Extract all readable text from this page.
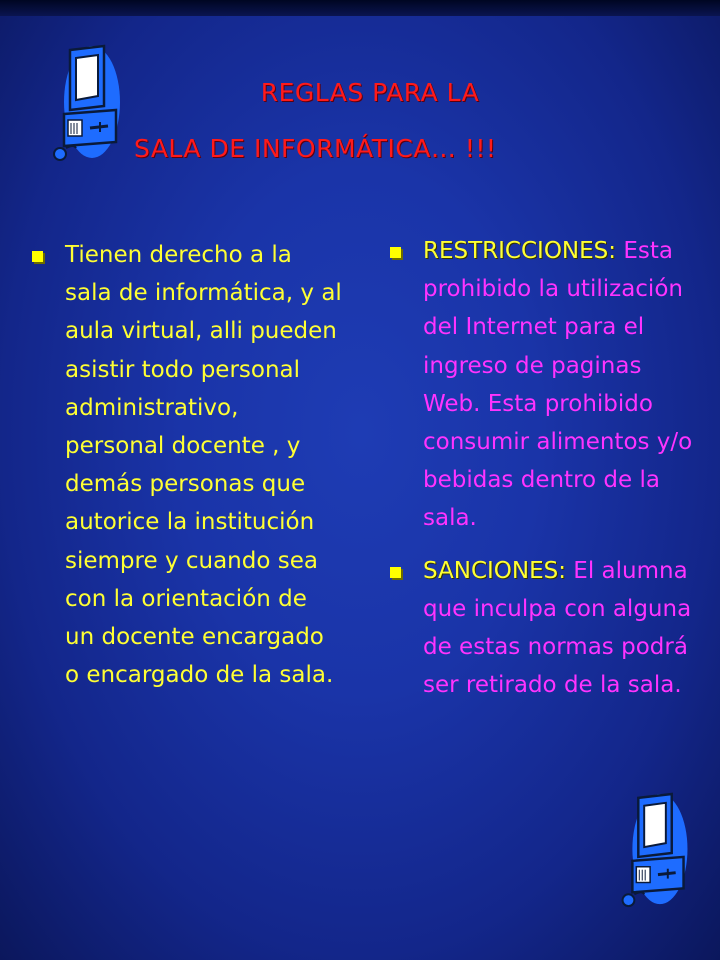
REGLAS PARA LA
SALA DE INFORMÁTICA… !!!
Tienen derecho a la sala de informática, y al aula virtual, alli pueden asistir todo personal administrativo, personal docente , y demás personas que autorice la institución siempre y cuando sea con la orientación de un docente encargado o encargado de la sala.
RESTRICCIONES: Esta prohibido la utilización del Internet para el ingreso de paginas Web. Esta prohibido consumir alimentos y/o bebidas dentro de la sala.
SANCIONES: El alumna que inculpa con alguna de estas normas podrá ser retirado de la sala.
